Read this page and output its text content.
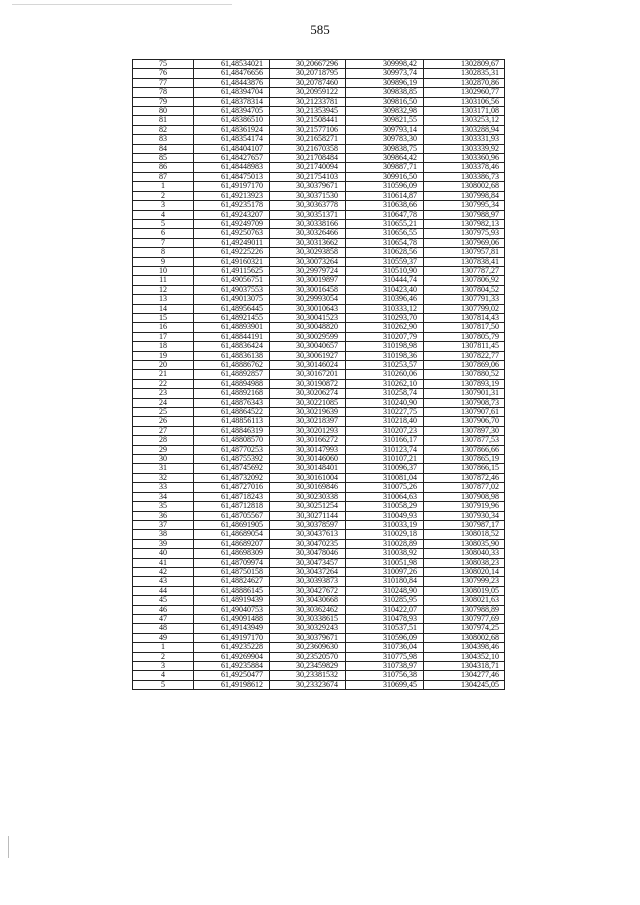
585
75	61,48534021	30,20667296	309998,42	1302809,67
76	61,48476656	30,20718795	309973,74	1302835,31
77	61,48443876	30,20787460	309896,19	1302870,86
78	61,48394704	30,20959122	309838,85	1302960,77
79	61,48378314	30,21233781	309816,50	1303106,56
80	61,48394705	30,21353945	309832,98	1303171,08
81	61,48386510	30,21508441	309821,55	1303253,12
82	61,48361924	30,21577106	309793,14	1303288,94
83	61,48354174	30,21658271	309783,30	1303331,93
84	61,48404107	30,21670358	309838,75	1303339,92
85	61,48427657	30,21708484	309864,42	1303360,96
86	61,48448983	30,21740094	309887,71	1303378,46
87	61,48475013	30,21754103	309916,50	1303386,73
1	61,49197170	30,30379671	310596,09	1308002,68
2	61,49213923	30,30371530	310614,87	1307998,84
3	61,49235178	30,30363778	310638,66	1307995,34
4	61,49243207	30,30351371	310647,78	1307988,97
5	61,49249709	30,30338166	310655,21	1307982,13
6	61,49250763	30,30326466	310656,55	1307975,93
7	61,49249011	30,30313662	310654,78	1307969,06
8	61,49225226	30,30293858	310628,56	1307957,81
9	61,49160321	30,30073264	310559,37	1307838,41
10	61,49115625	30,29979724	310510,90	1307787,27
11	61,49056751	30,30019897	310444,74	1307806,92
12	61,49037553	30,30016458	310423,40	1307804,52
13	61,49013075	30,29993054	310396,46	1307791,33
14	61,48956445	30,30010643	310333,12	1307799,02
15	61,48921455	30,30041523	310293,70	1307814,43
16	61,48893901	30,30048820	310262,90	1307817,50
17	61,48844191	30,30029599	310207,79	1307805,79
18	61,48836424	30,30040657	310198,98	1307811,45
19	61,48836138	30,30061927	310198,36	1307822,77
20	61,48886762	30,30146024	310253,57	1307869,06
21	61,48892857	30,30167201	310260,06	1307880,52
22	61,48894988	30,30190872	310262,10	1307893,19
23	61,48892168	30,30206274	310258,74	1307901,31
24	61,48876343	30,30221085	310240,90	1307908,73
25	61,48864522	30,30219639	310227,75	1307907,61
26	61,48856113	30,30218397	310218,40	1307906,70
27	61,48846319	30,30201293	310207,23	1307897,30
28	61,48808570	30,30166272	310166,17	1307877,53
29	61,48770253	30,30147993	310123,74	1307866,66
30	61,48755392	30,30146060	310107,21	1307865,19
31	61,48745692	30,30148401	310096,37	1307866,15
32	61,48732092	30,30161004	310081,04	1307872,46
33	61,48727016	30,30169846	310075,26	1307877,02
34	61,48718243	30,30230338	310064,63	1307908,98
35	61,48712818	30,30251254	310058,29	1307919,96
36	61,48705567	30,30271144	310049,93	1307930,34
37	61,48691905	30,30378597	310033,19	1307987,17
38	61,48689054	30,30437613	310029,18	1308018,52
39	61,48689207	30,30470235	310028,89	1308035,90
40	61,48698309	30,30478046	310038,92	1308040,33
41	61,48709974	30,30473457	310051,98	1308038,23
42	61,48750158	30,30437264	310097,26	1308020,14
43	61,48824627	30,30393873	310180,84	1307999,23
44	61,48886145	30,30427672	310248,90	1308019,05
45	61,48919439	30,30430668	310285,95	1308021,63
46	61,49040753	30,30362462	310422,07	1307988,89
47	61,49091488	30,30338615	310478,93	1307977,69
48	61,49143949	30,30329243	310537,51	1307974,25
49	61,49197170	30,30379671	310596,09	1308002,68
1	61,49235228	30,23609630	310736,04	1304398,46
2	61,49269904	30,23520570	310775,98	1304352,10
3	61,49235884	30,23459829	310738,97	1304318,71
4	61,49250477	30,23381532	310756,38	1304277,46
5	61,49198612	30,23323674	310699,45	1304245,05
